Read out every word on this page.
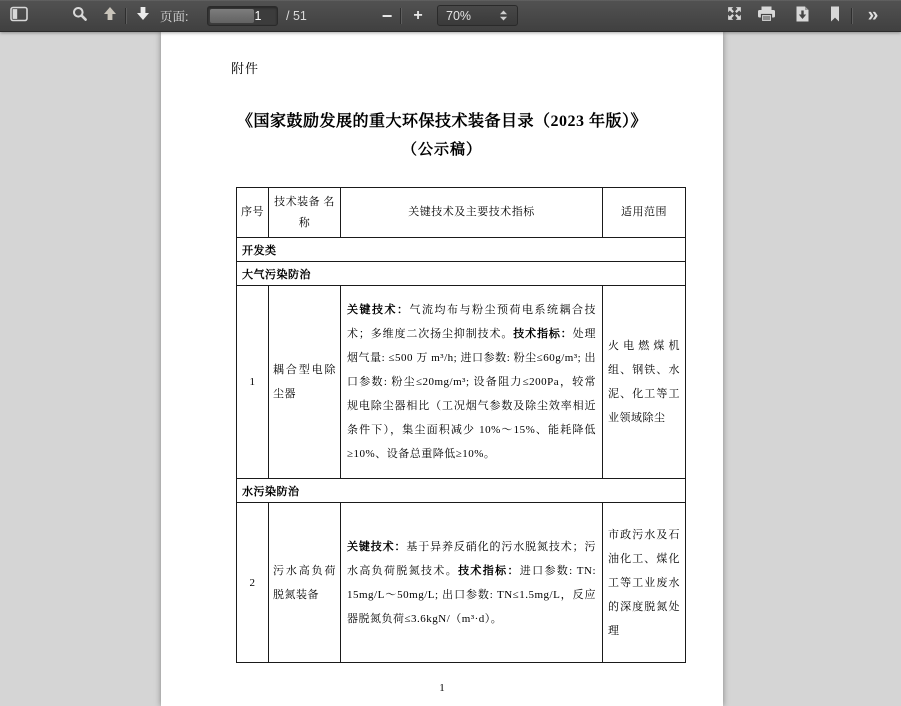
页面:	1	/ 51	− +	70%	»
附件
《国家鼓励发展的重大环保技术装备目录（2023 年版）》
（公示稿）
序号	技术装备 名称	关键技术及主要技术指标	适用范围
开发类			
大气污染防治			
1	耦合型电除尘器	关键技术：气流均布与粉尘预荷电系统耦合技术；多维度二次扬尘抑制技术。技术指标：处理烟气量: ≤500 万 m³/h; 进口参数: 粉尘≤60g/m³; 出口参数: 粉尘≤20mg/m³; 设备阻力≤200Pa，较常规电除尘器相比（工况烟气参数及除尘效率相近条件下），集尘面积减少 10%～15%、能耗降低≥10%、设备总重降低≥10%。	火电燃煤机组、钢铁、水泥、化工等工业领域除尘
水污染防治			
2	污水高负荷脱氮装备	关键技术：基于异养反硝化的污水脱氮技术；污水高负荷脱氮技术。技术指标：进口参数: TN: 15mg/L～50mg/L; 出口参数: TN≤1.5mg/L，反应器脱氮负荷≤3.6kgN/（m³·d）。	市政污水及石油化工、煤化工等工业废水的深度脱氮处理
1
